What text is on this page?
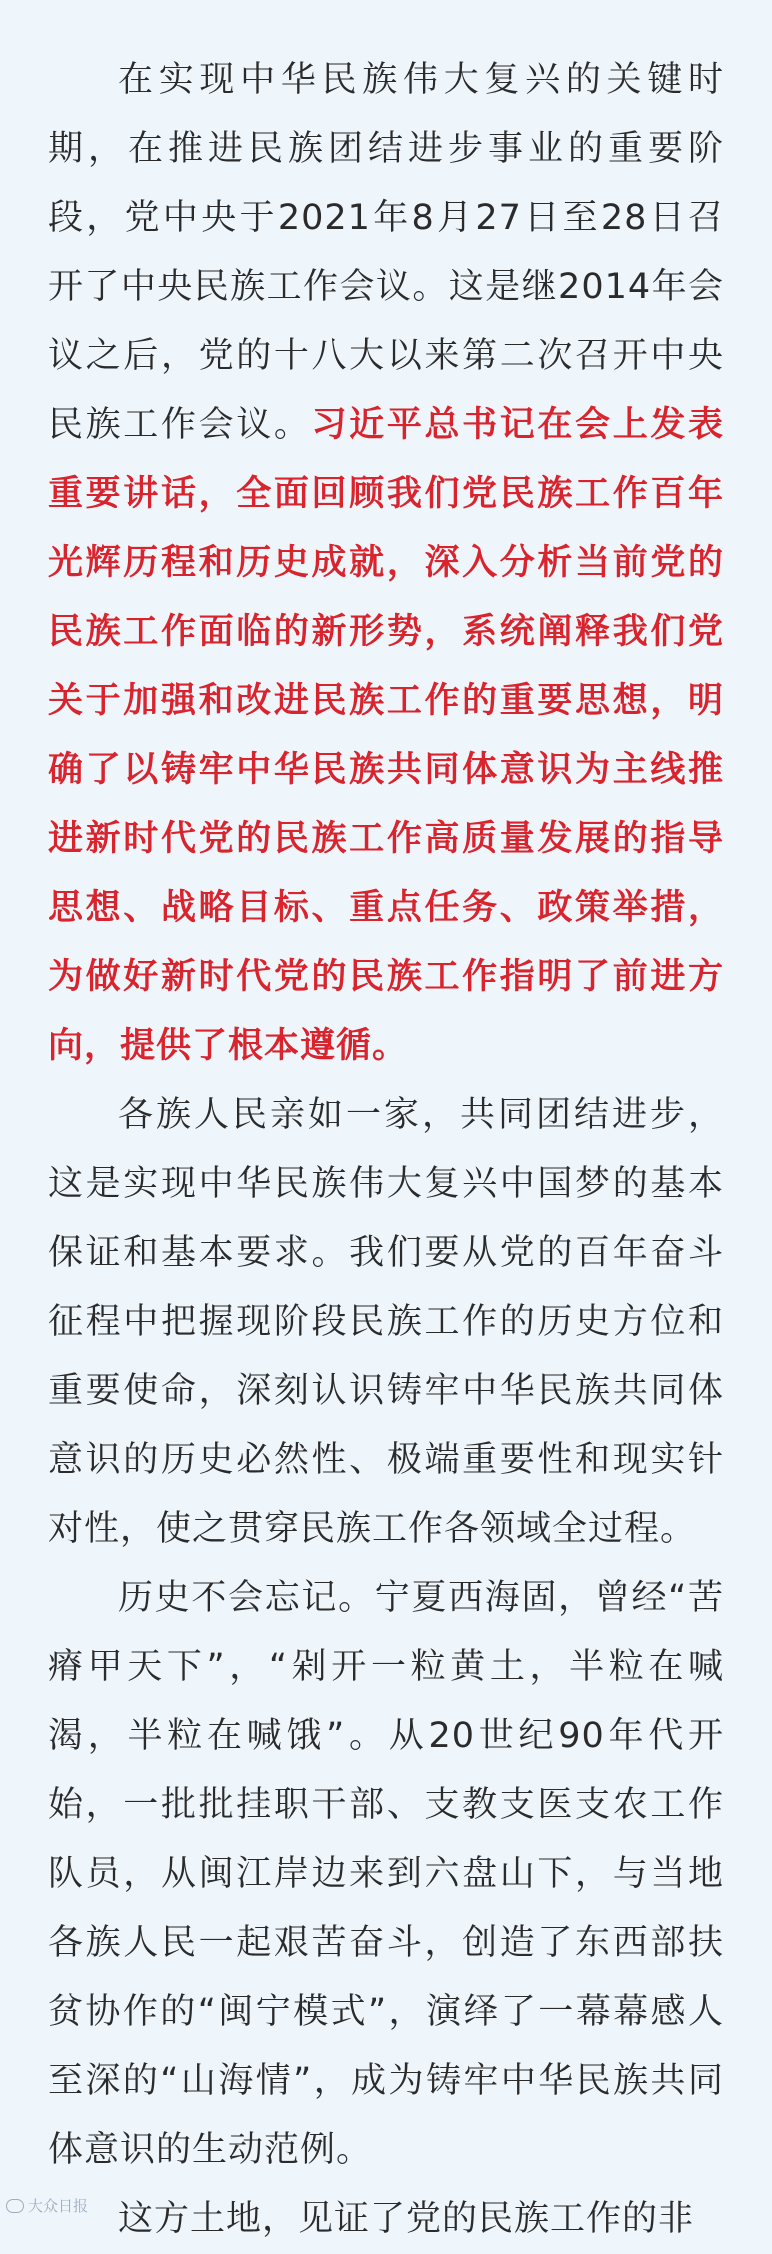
在实现中华民族伟大复兴的关键时期，在推进民族团结进步事业的重要阶段，党中央于2021年8月27日至28日召开了中央民族工作会议。这是继2014年会议之后，党的十八大以来第二次召开中央民族工作会议。习近平总书记在会上发表重要讲话，全面回顾我们党民族工作百年光辉历程和历史成就，深入分析当前党的民族工作面临的新形势，系统阐释我们党关于加强和改进民族工作的重要思想，明确了以铸牢中华民族共同体意识为主线推进新时代党的民族工作高质量发展的指导思想、战略目标、重点任务、政策举措，为做好新时代党的民族工作指明了前进方向，提供了根本遵循。

各族人民亲如一家，共同团结进步，这是实现中华民族伟大复兴中国梦的基本保证和基本要求。我们要从党的百年奋斗征程中把握现阶段民族工作的历史方位和重要使命，深刻认识铸牢中华民族共同体意识的历史必然性、极端重要性和现实针对性，使之贯穿民族工作各领域全过程。

历史不会忘记。宁夏西海固，曾经“苦瘠甲天下”，“剁开一粒黄土，半粒在喊渴，半粒在喊饿”。从20世纪90年代开始，一批批挂职干部、支教支医支农工作队员，从闽江岸边来到六盘山下，与当地各族人民一起艰苦奋斗，创造了东西部扶贫协作的“闽宁模式”，演绎了一幕幕感人至深的“山海情”，成为铸牢中华民族共同体意识的生动范例。

这方土地，见证了党的民族工作的非

大众日报
